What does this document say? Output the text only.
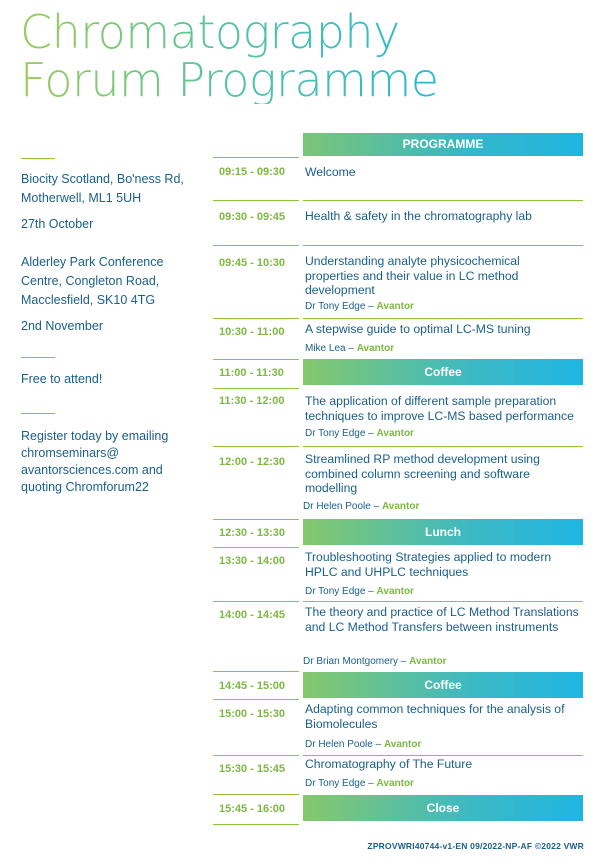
Chromatography
Forum Programme
Biocity Scotland, Bo'ness Rd, Motherwell, ML1 5UH
27th October
Alderley Park Conference Centre, Congleton Road, Macclesfield, SK10 4TG
2nd November
Free to attend!
Register today by emailing chromseminars@ avantorsciences.com and quoting Chromforum22
PROGRAMME
09:15 - 09:30 Welcome
09:30 - 09:45 Health & safety in the chromatography lab
09:45 - 10:30 Understanding analyte physicochemical properties and their value in LC method development
Dr Tony Edge – Avantor
10:30 - 11:00 A stepwise guide to optimal LC-MS tuning
Mike Lea – Avantor
11:00 - 11:30	Coffee
11:30 - 12:00 The application of different sample preparation techniques to improve LC-MS based performance
Dr Tony Edge – Avantor
12:00 - 12:30 Streamlined RP method development using combined column screening and software modelling
Dr Helen Poole – Avantor
12:30 - 13:30	Lunch
13:30 - 14:00 Troubleshooting Strategies applied to modern HPLC and UHPLC techniques
Dr Tony Edge – Avantor
14:00 - 14:45 The theory and practice of LC Method Translations and LC Method Transfers between instruments
Dr Brian Montgomery – Avantor
14:45 - 15:00	Coffee
15:00 - 15:30 Adapting common techniques for the analysis of Biomolecules
Dr Helen Poole – Avantor
15:30 - 15:45 Chromatography of The Future
Dr Tony Edge – Avantor
15:45 - 16:00	Close
ZPROVWRI40744-v1-EN 09/2022-NP-AF ©2022 VWR
